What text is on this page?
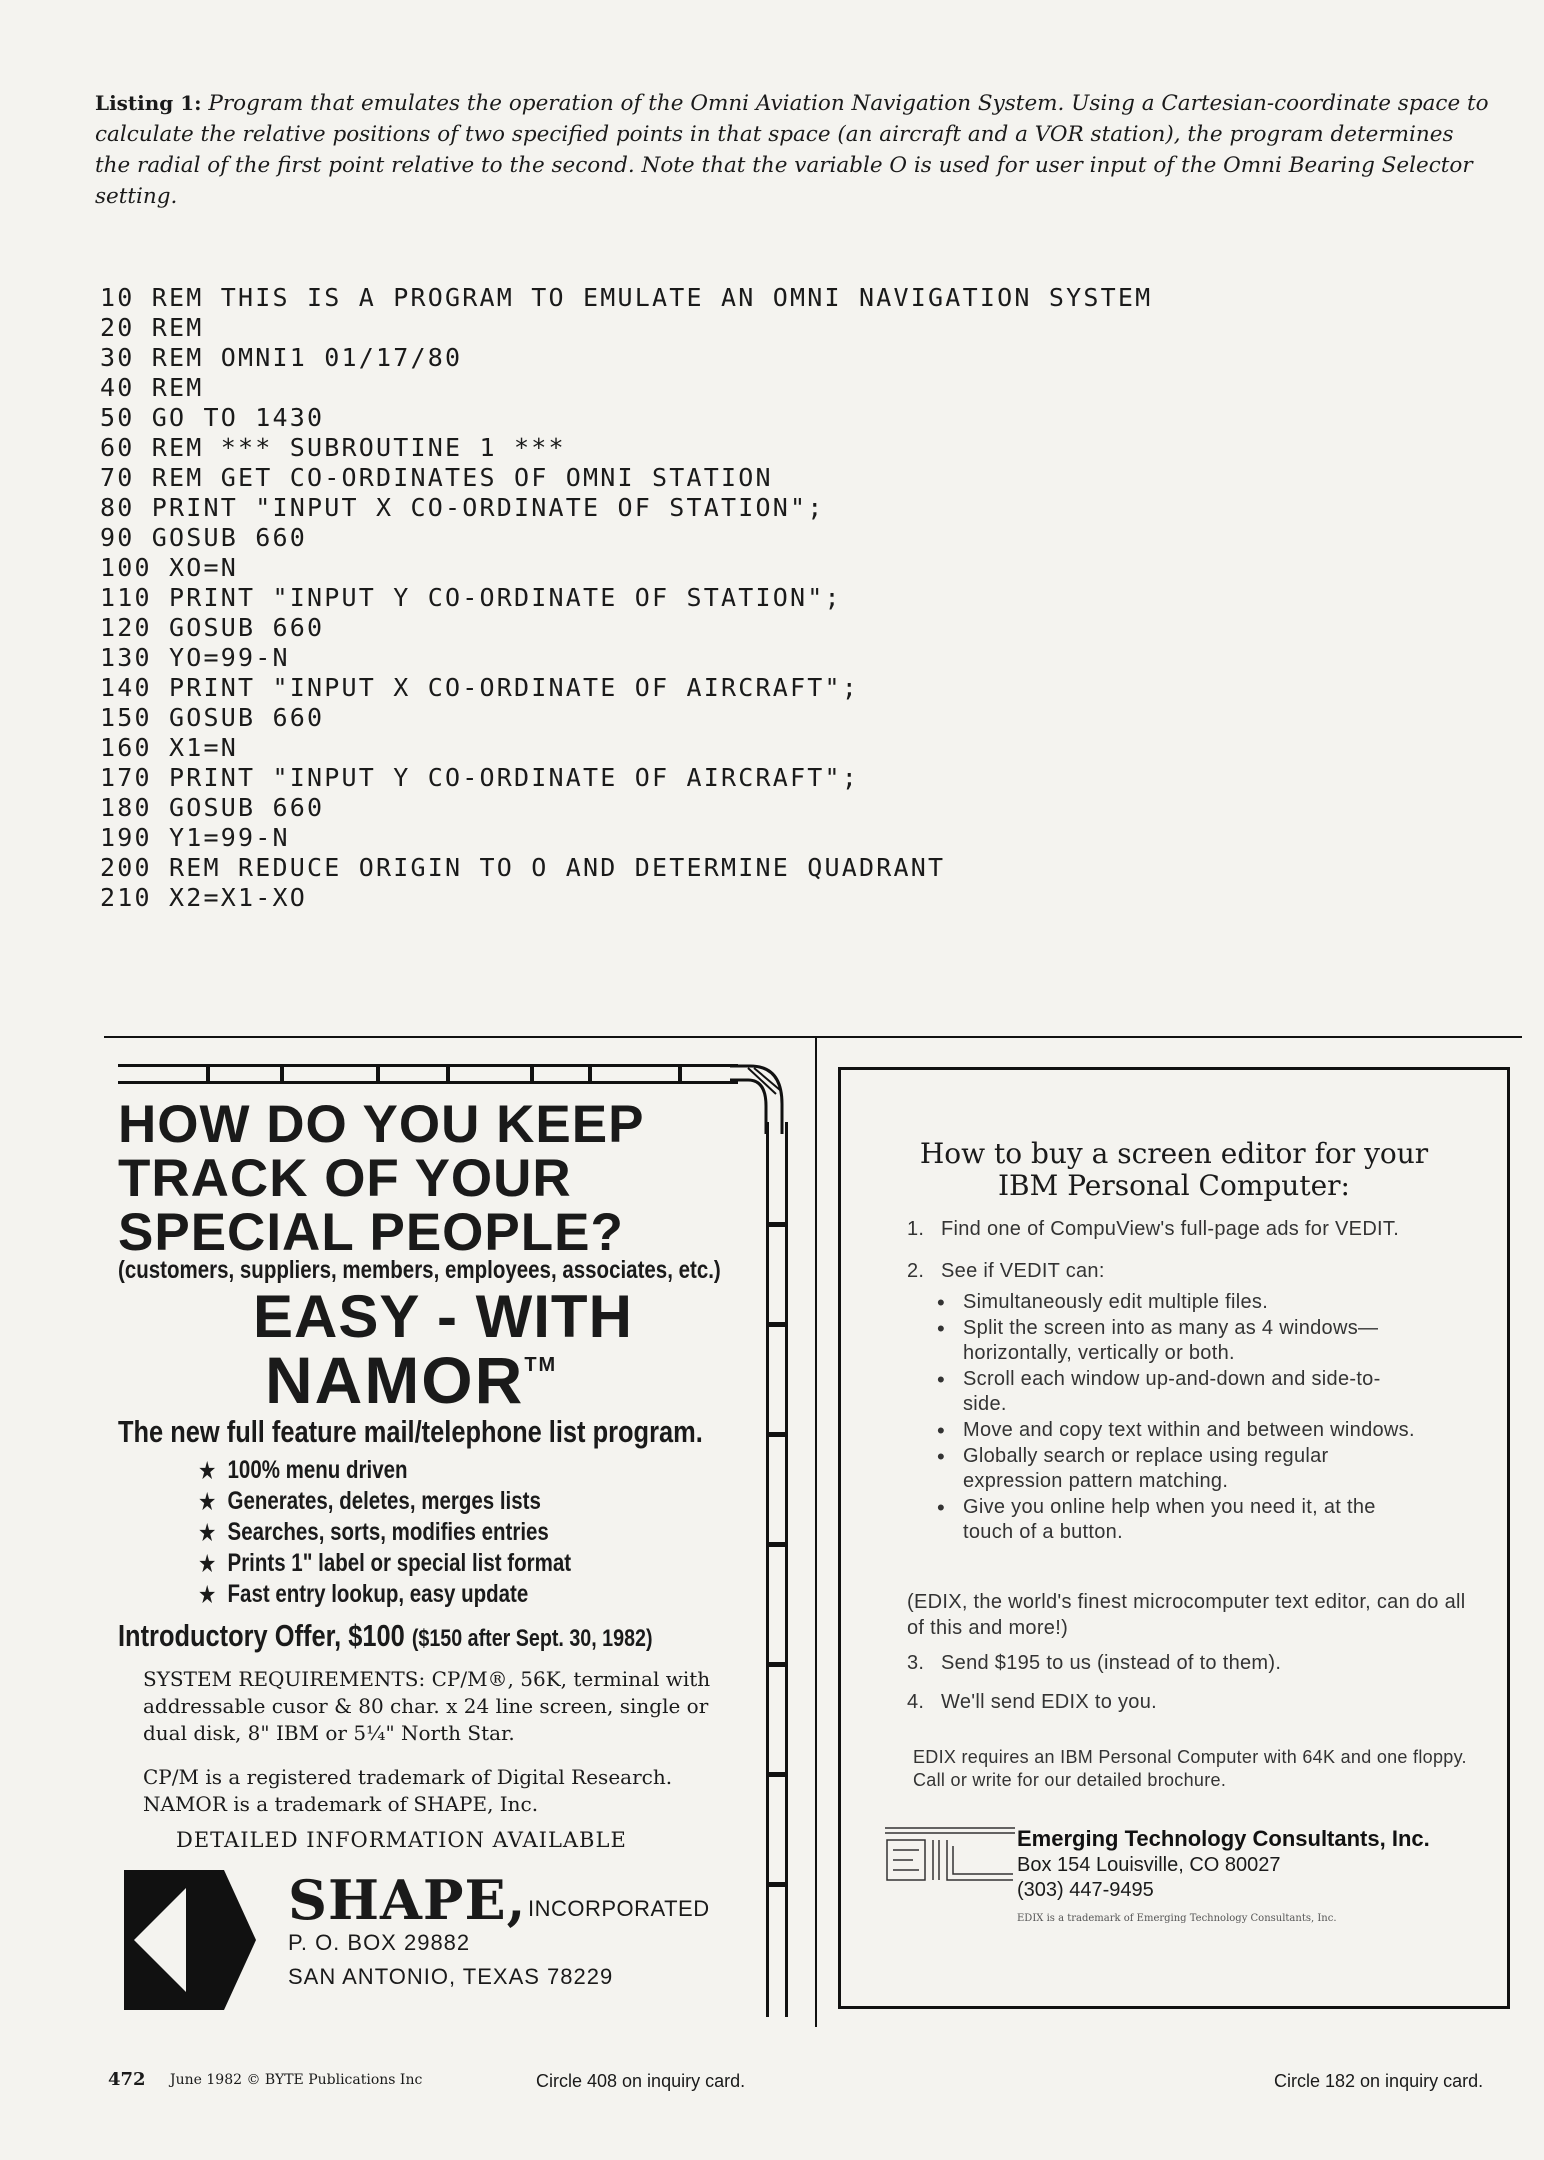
Listing 1: Program that emulates the operation of the Omni Aviation Navigation System. Using a Cartesian-coordinate space to calculate the relative positions of two specified points in that space (an aircraft and a VOR station), the program determines the radial of the first point relative to the second. Note that the variable O is used for user input of the Omni Bearing Selector setting.
10 REM THIS IS A PROGRAM TO EMULATE AN OMNI NAVIGATION SYSTEM
20 REM
30 REM OMNI1 01/17/80
40 REM
50 GO TO 1430
60 REM *** SUBROUTINE 1 ***
70 REM GET CO-ORDINATES OF OMNI STATION
80 PRINT "INPUT X CO-ORDINATE OF STATION";
90 GOSUB 660
100 XO=N
110 PRINT "INPUT Y CO-ORDINATE OF STATION";
120 GOSUB 660
130 YO=99-N
140 PRINT "INPUT X CO-ORDINATE OF AIRCRAFT";
150 GOSUB 660
160 X1=N
170 PRINT "INPUT Y CO-ORDINATE OF AIRCRAFT";
180 GOSUB 660
190 Y1=99-N
200 REM REDUCE ORIGIN TO O AND DETERMINE QUADRANT
210 X2=X1-XO
HOW DO YOU KEEP
TRACK OF YOUR
SPECIAL PEOPLE?
(customers, suppliers, members, employees, associates, etc.)
EASY - WITH
NAMOR™
The new full feature mail/telephone list program.
★ 100% menu driven
★ Generates, deletes, merges lists
★ Searches, sorts, modifies entries
★ Prints 1" label or special list format
★ Fast entry lookup, easy update
Introductory Offer, $100 ($150 after Sept. 30, 1982)
SYSTEM REQUIREMENTS: CP/M®, 56K, terminal with addressable cusor & 80 char. x 24 line screen, single or dual disk, 8" IBM or 5¼" North Star.
CP/M is a registered trademark of Digital Research.
NAMOR is a trademark of SHAPE, Inc.
DETAILED INFORMATION AVAILABLE
SHAPE, INCORPORATED
P. O. BOX 29882
SAN ANTONIO, TEXAS 78229
How to buy a screen editor for your
IBM Personal Computer:
1. Find one of CompuView's full-page ads for VEDIT.
2. See if VEDIT can:
• Simultaneously edit multiple files.
• Split the screen into as many as 4 windows— horizontally, vertically or both.
• Scroll each window up-and-down and side-to-side.
• Move and copy text within and between windows.
• Globally search or replace using regular expression pattern matching.
• Give you online help when you need it, at the touch of a button.
(EDIX, the world's finest microcomputer text editor, can do all of this and more!)
3. Send $195 to us (instead of to them).
4. We'll send EDIX to you.
EDIX requires an IBM Personal Computer with 64K and one floppy. Call or write for our detailed brochure.
Emerging Technology Consultants, Inc.
Box 154 Louisville, CO 80027
(303) 447-9495
EDIX is a trademark of Emerging Technology Consultants, Inc.
472 June 1982 © BYTE Publications Inc	Circle 408 on inquiry card.	Circle 182 on inquiry card.
